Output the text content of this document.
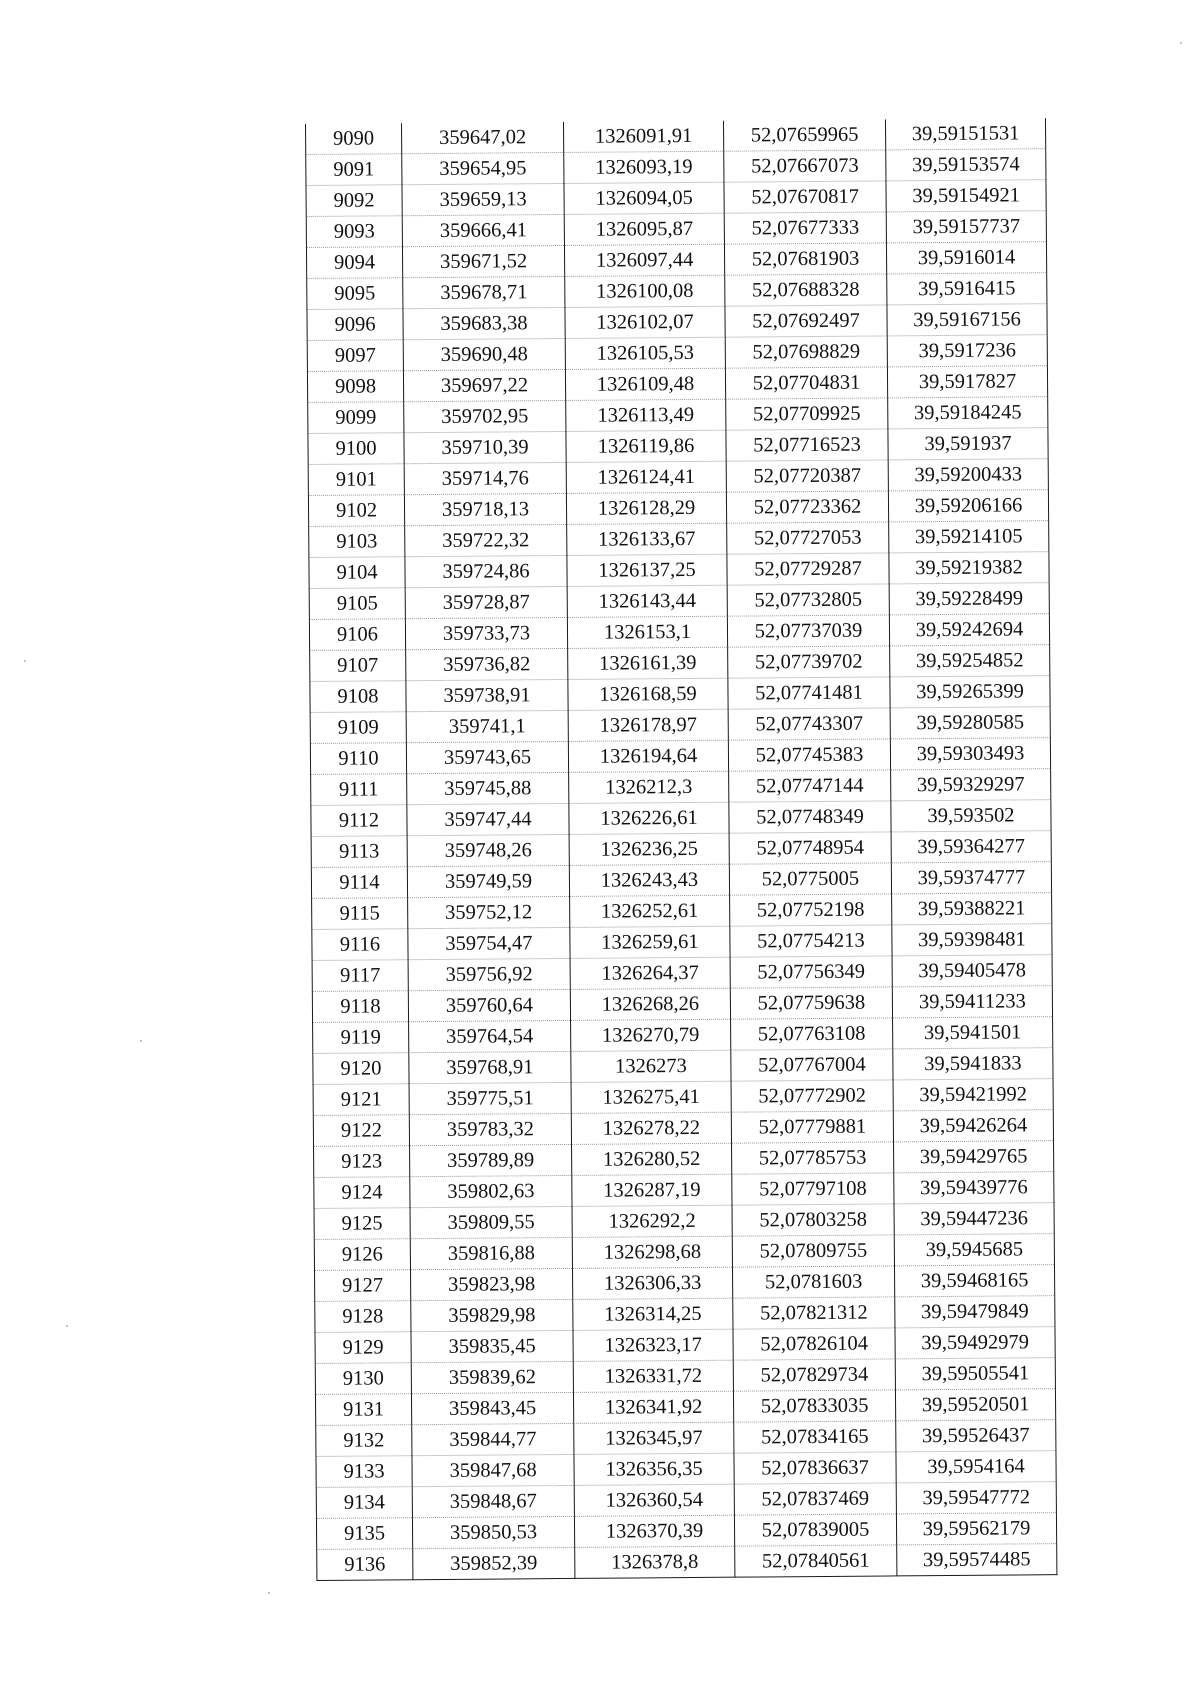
9090	359647,02	1326091,91	52,07659965	39,59151531
9091	359654,95	1326093,19	52,07667073	39,59153574
9092	359659,13	1326094,05	52,07670817	39,59154921
9093	359666,41	1326095,87	52,07677333	39,59157737
9094	359671,52	1326097,44	52,07681903	39,5916014
9095	359678,71	1326100,08	52,07688328	39,5916415
9096	359683,38	1326102,07	52,07692497	39,59167156
9097	359690,48	1326105,53	52,07698829	39,5917236
9098	359697,22	1326109,48	52,07704831	39,5917827
9099	359702,95	1326113,49	52,07709925	39,59184245
9100	359710,39	1326119,86	52,07716523	39,591937
9101	359714,76	1326124,41	52,07720387	39,59200433
9102	359718,13	1326128,29	52,07723362	39,59206166
9103	359722,32	1326133,67	52,07727053	39,59214105
9104	359724,86	1326137,25	52,07729287	39,59219382
9105	359728,87	1326143,44	52,07732805	39,59228499
9106	359733,73	1326153,1	52,07737039	39,59242694
9107	359736,82	1326161,39	52,07739702	39,59254852
9108	359738,91	1326168,59	52,07741481	39,59265399
9109	359741,1	1326178,97	52,07743307	39,59280585
9110	359743,65	1326194,64	52,07745383	39,59303493
9111	359745,88	1326212,3	52,07747144	39,59329297
9112	359747,44	1326226,61	52,07748349	39,593502
9113	359748,26	1326236,25	52,07748954	39,59364277
9114	359749,59	1326243,43	52,0775005	39,59374777
9115	359752,12	1326252,61	52,07752198	39,59388221
9116	359754,47	1326259,61	52,07754213	39,59398481
9117	359756,92	1326264,37	52,07756349	39,59405478
9118	359760,64	1326268,26	52,07759638	39,59411233
9119	359764,54	1326270,79	52,07763108	39,5941501
9120	359768,91	1326273	52,07767004	39,5941833
9121	359775,51	1326275,41	52,07772902	39,59421992
9122	359783,32	1326278,22	52,07779881	39,59426264
9123	359789,89	1326280,52	52,07785753	39,59429765
9124	359802,63	1326287,19	52,07797108	39,59439776
9125	359809,55	1326292,2	52,07803258	39,59447236
9126	359816,88	1326298,68	52,07809755	39,5945685
9127	359823,98	1326306,33	52,0781603	39,59468165
9128	359829,98	1326314,25	52,07821312	39,59479849
9129	359835,45	1326323,17	52,07826104	39,59492979
9130	359839,62	1326331,72	52,07829734	39,59505541
9131	359843,45	1326341,92	52,07833035	39,59520501
9132	359844,77	1326345,97	52,07834165	39,59526437
9133	359847,68	1326356,35	52,07836637	39,5954164
9134	359848,67	1326360,54	52,07837469	39,59547772
9135	359850,53	1326370,39	52,07839005	39,59562179
9136	359852,39	1326378,8	52,07840561	39,59574485
